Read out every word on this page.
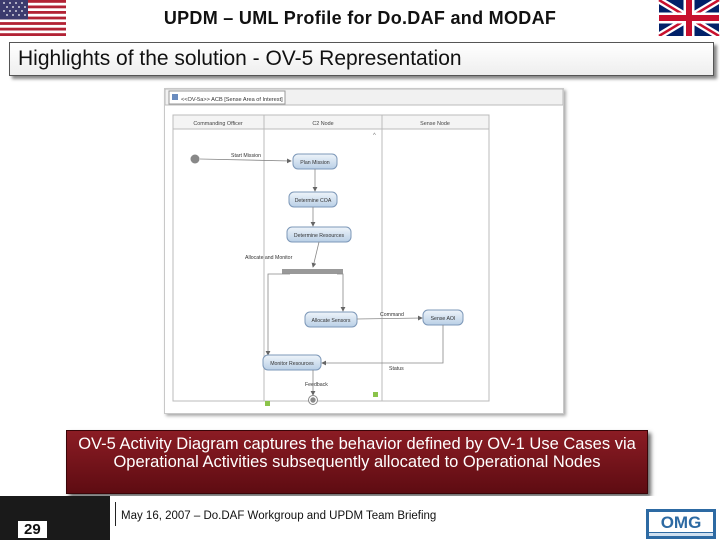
UPDM – UML Profile for Do.DAF and MODAF
Highlights of the solution - OV-5 Representation
<<OV-5a>> ACB [Sense Area of Interest]
Commanding Officer	C2 Node	Sense Node
^
Start Mission
Plan Mission
Determine COA
Determine Resources
Allocate and Monitor
Allocate Sensors	Sense AOI
Command
Monitor Resources
Status
Feedback
OV-5 Activity Diagram captures the behavior defined by OV-1 Use Cases via Operational Activities subsequently allocated to Operational Nodes
29
May 16, 2007 – Do.DAF Workgroup and UPDM Team Briefing	OMG
